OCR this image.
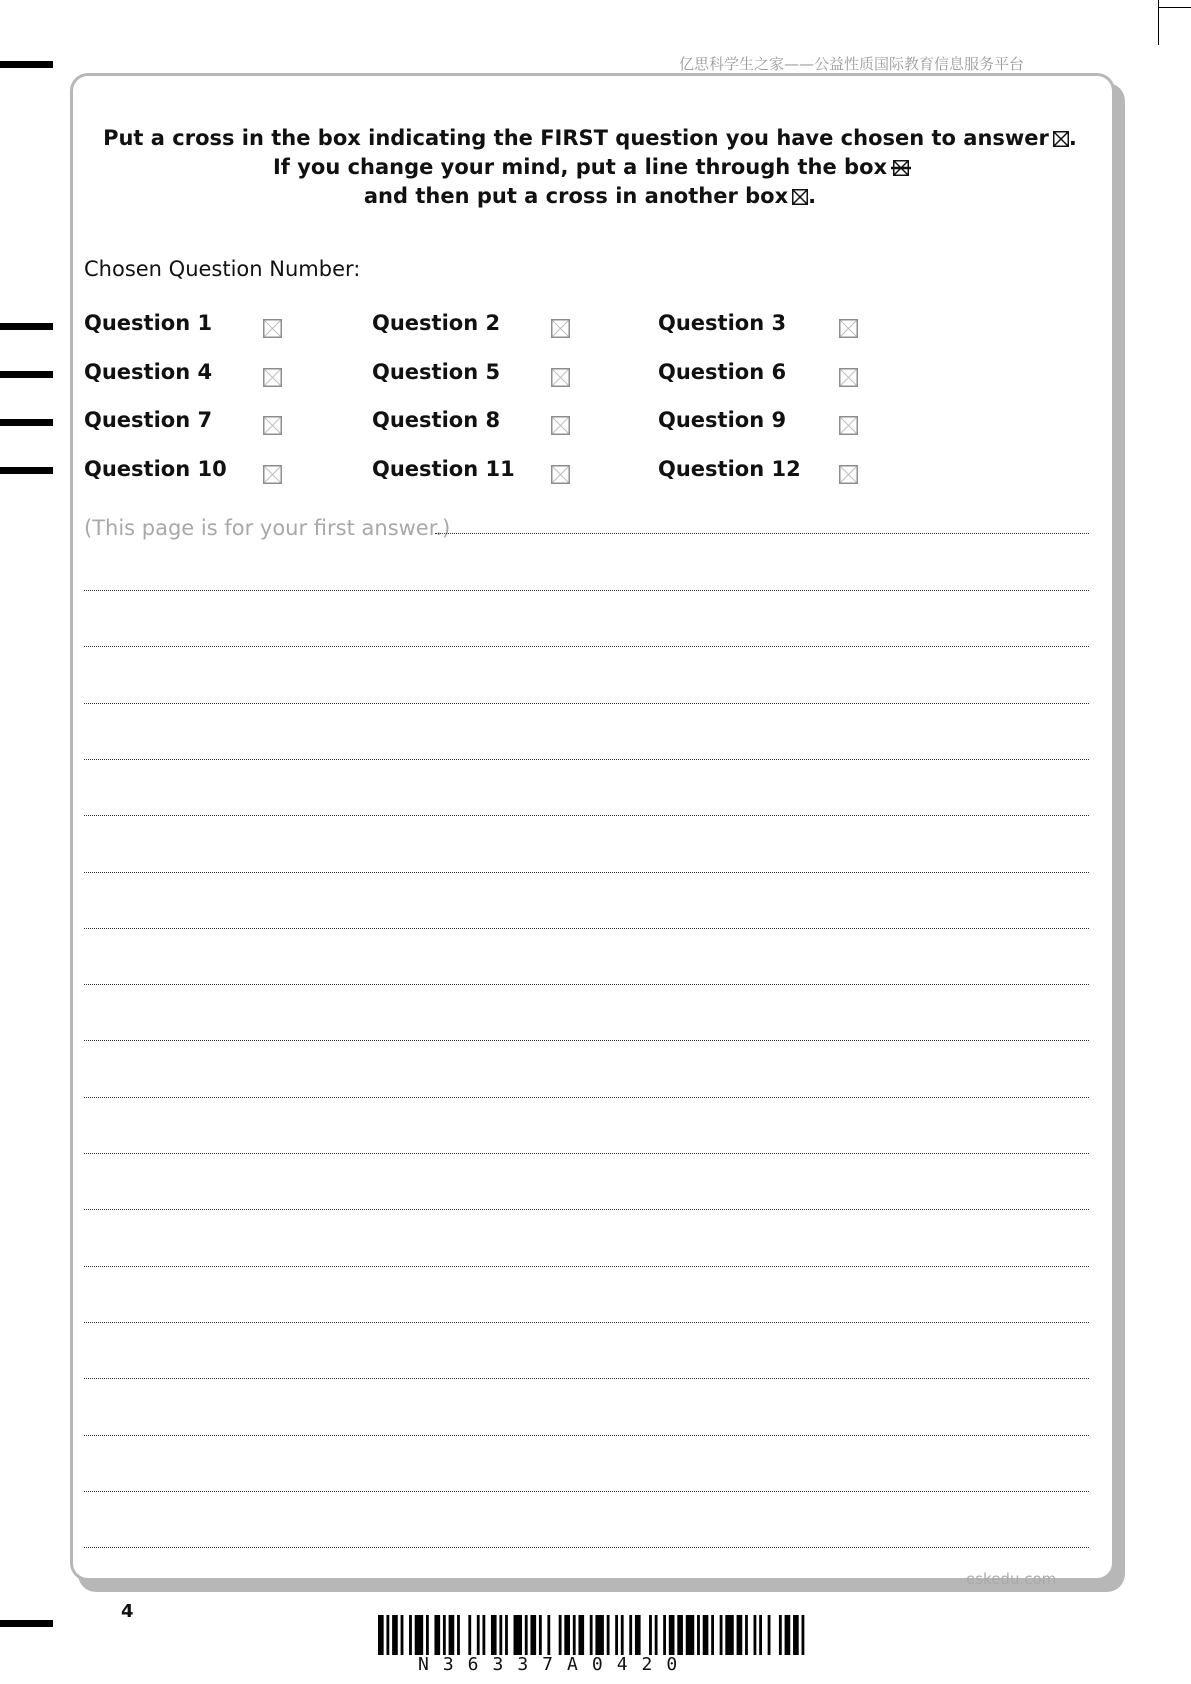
亿思科学生之家——公益性质国际教育信息服务平台
Put a cross in the box indicating the FIRST question you have chosen to answer ☒.
If you change your mind, put a line through the box
and then put a cross in another box ☒.
Chosen Question Number:
Question 1	Question 2	Question 3
Question 4	Question 5	Question 6
Question 7	Question 8	Question 9
Question 10	Question 11	Question 12
(This page is for your first answer.)
eskedu.com
4
N36337A0420
